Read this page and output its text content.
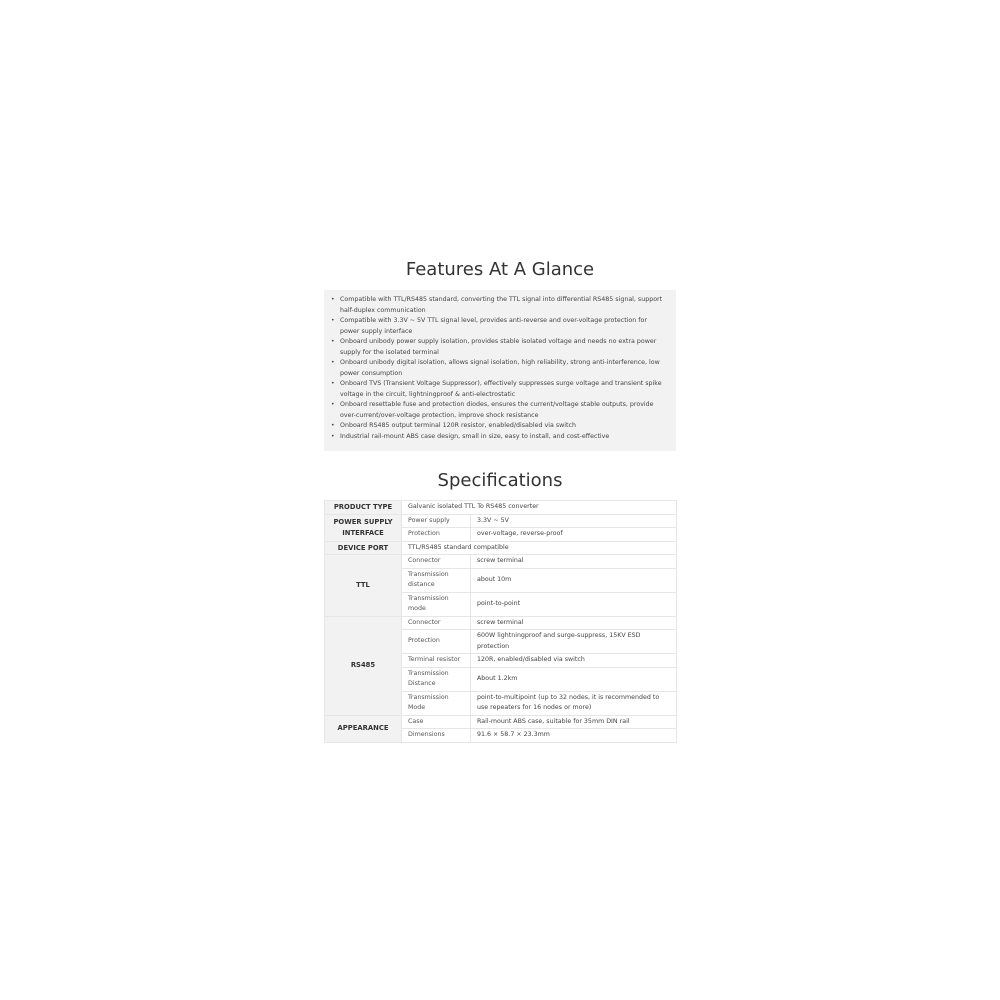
Features At A Glance
• Compatible with TTL/RS485 standard, converting the TTL signal into differential RS485 signal, support half-duplex communication
• Compatible with 3.3V ~ 5V TTL signal level, provides anti-reverse and over-voltage protection for power supply interface
• Onboard unibody power supply isolation, provides stable isolated voltage and needs no extra power supply for the isolated terminal
• Onboard unibody digital isolation, allows signal isolation, high reliability, strong anti-interference, low power consumption
• Onboard TVS (Transient Voltage Suppressor), effectively suppresses surge voltage and transient spike voltage in the circuit, lightningproof & anti-electrostatic
• Onboard resettable fuse and protection diodes, ensures the current/voltage stable outputs, provide over-current/over-voltage protection, improve shock resistance
• Onboard RS485 output terminal 120R resistor, enabled/disabled via switch
• Industrial rail-mount ABS case design, small in size, easy to install, and cost-effective
Specifications
PRODUCT TYPE	Galvanic isolated TTL To RS485 converter	
POWER SUPPLY INTERFACE	Power supply	3.3V ~ 5V
	Protection	over-voltage, reverse-proof
DEVICE PORT	TTL/RS485 standard compatible	
TTL	Connector	screw terminal
	Transmission distance	about 10m
	Transmission mode	point-to-point
RS485	Connector	screw terminal
	Protection	600W lightningproof and surge-suppress, 15KV ESD protection
	Terminal resistor	120R, enabled/disabled via switch
	Transmission Distance	About 1.2km
	Transmission Mode	point-to-multipoint (up to 32 nodes, it is recommended to use repeaters for 16 nodes or more)
APPEARANCE	Case	Rail-mount ABS case, suitable for 35mm DIN rail
	Dimensions	91.6 × 58.7 × 23.3mm
